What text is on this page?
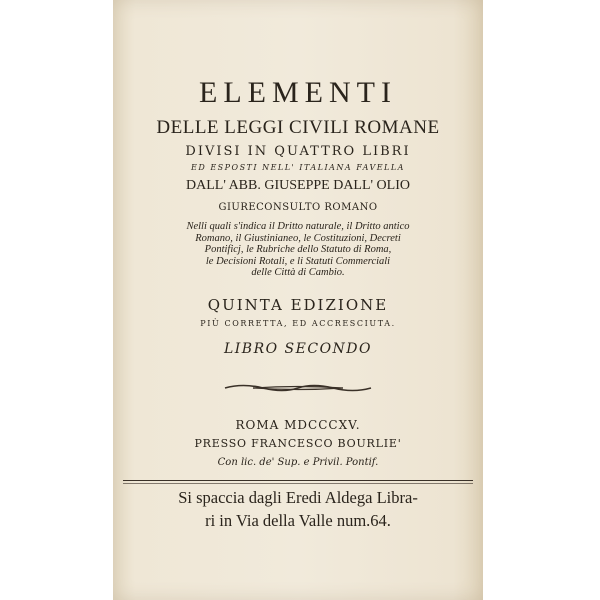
ELEMENTI
DELLE LEGGI CIVILI ROMANE
DIVISI IN QUATTRO LIBRI
ED ESPOSTI NELL' ITALIANA FAVELLA
DALL' ABB. GIUSEPPE DALL' OLIO
GIURECONSULTO ROMANO
Nelli quali s'indica il Dritto naturale, il Dritto antico
Romano, il Giustinianeo, le Costituzioni, Decreti
Pontificj, le Rubriche dello Statuto di Roma,
le Decisioni Rotali, e li Statuti Commerciali
delle Città di Cambio.
QUINTA EDIZIONE
PIÙ CORRETTA, ED ACCRESCIUTA.
LIBRO SECONDO
ROMA MDCCCXV.
PRESSO FRANCESCO BOURLIE'
Con lic. de' Sup. e Privil. Pontif.
Si spaccia dagli Eredi Aldega Libra-
ri in Via della Valle num.64.
